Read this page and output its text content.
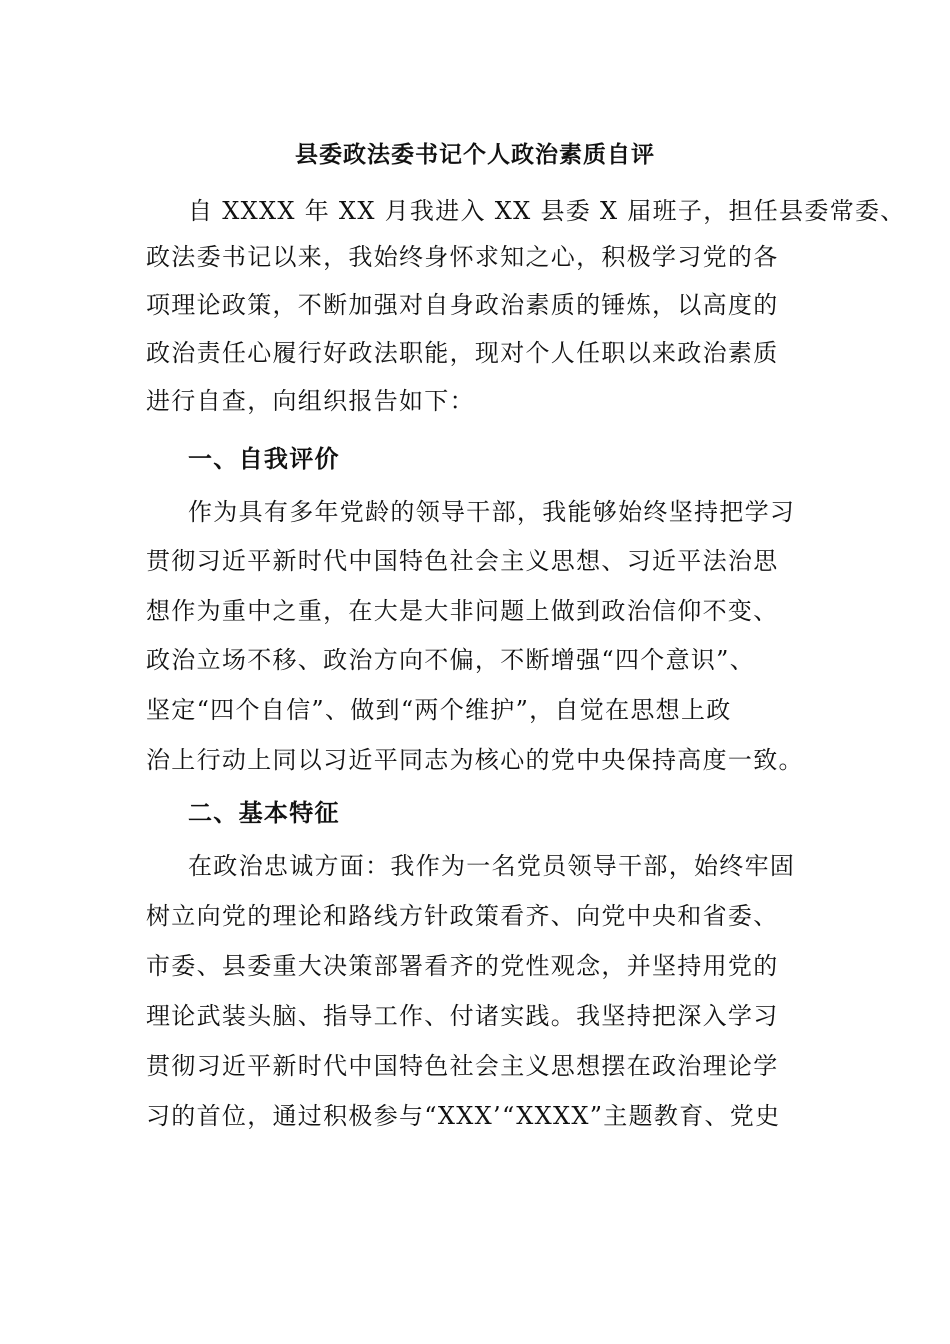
县委政法委书记个人政治素质自评
自 XXXX 年 XX 月我进入 XX 县委 X 届班子，担任县委常委、
政法委书记以来，我始终身怀求知之心，积极学习党的各
项理论政策，不断加强对自身政治素质的锤炼，以高度的
政治责任心履行好政法职能，现对个人任职以来政治素质
进行自查，向组织报告如下：
一、自我评价
作为具有多年党龄的领导干部，我能够始终坚持把学习
贯彻习近平新时代中国特色社会主义思想、习近平法治思
想作为重中之重，在大是大非问题上做到政治信仰不变、
政治立场不移、政治方向不偏，不断增强“四个意识”、
坚定“四个自信”、做到“两个维护”，自觉在思想上政
治上行动上同以习近平同志为核心的党中央保持高度一致。
二、基本特征
在政治忠诚方面：我作为一名党员领导干部，始终牢固
树立向党的理论和路线方针政策看齐、向党中央和省委、
市委、县委重大决策部署看齐的党性观念，并坚持用党的
理论武装头脑、指导工作、付诸实践。我坚持把深入学习
贯彻习近平新时代中国特色社会主义思想摆在政治理论学
习的首位，通过积极参与“XXX’“XXXX”主题教育、党史
